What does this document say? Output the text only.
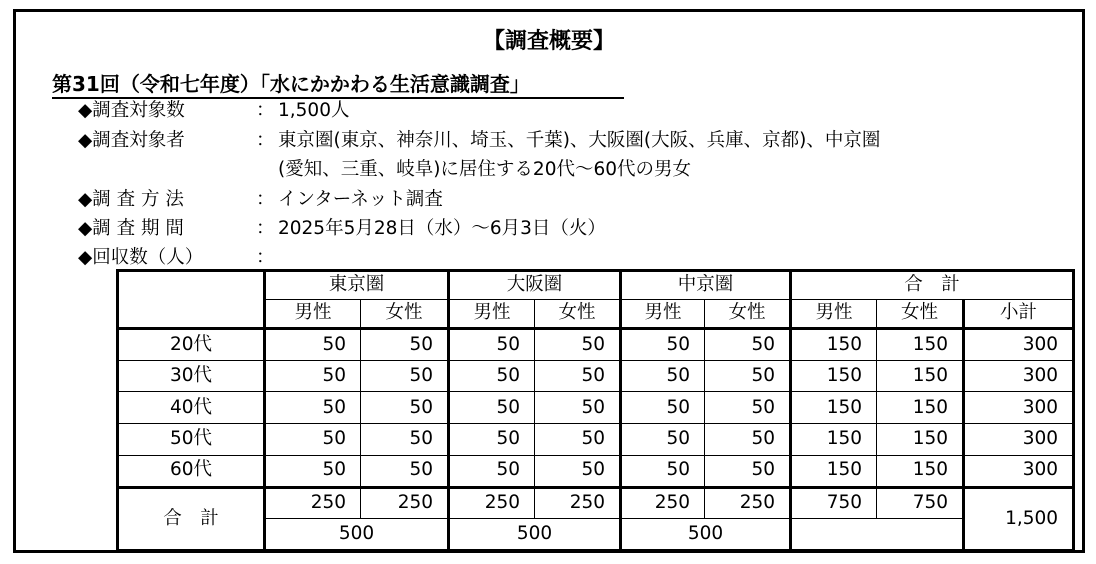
【調査概要】
第31回（令和七年度）「水にかかわる生活意識調査」
◆調査対象数	： 1,500人
◆調査対象者	： 東京圏(東京、神奈川、埼玉、千葉)、大阪圏(大阪、兵庫、京都)、中京圏
(愛知、三重、岐阜)に居住する20代～60代の男女
◆調 査 方 法	： インターネット調査
◆調 査 期 間	： 2025年5月28日（水）～6月3日（火）
◆回収数（人）	：
	東京圏		大阪圏		中京圏		合　計		
	男性	女性	男性	女性	男性	女性	男性	女性	小計
20代	50	50	50	50	50	50	150	150	300
30代	50	50	50	50	50	50	150	150	300
40代	50	50	50	50	50	50	150	150	300
50代	50	50	50	50	50	50	150	150	300
60代	50	50	50	50	50	50	150	150	300
合　計	250	250	250	250	250	250	750	750	1,500
	500		500		500				
